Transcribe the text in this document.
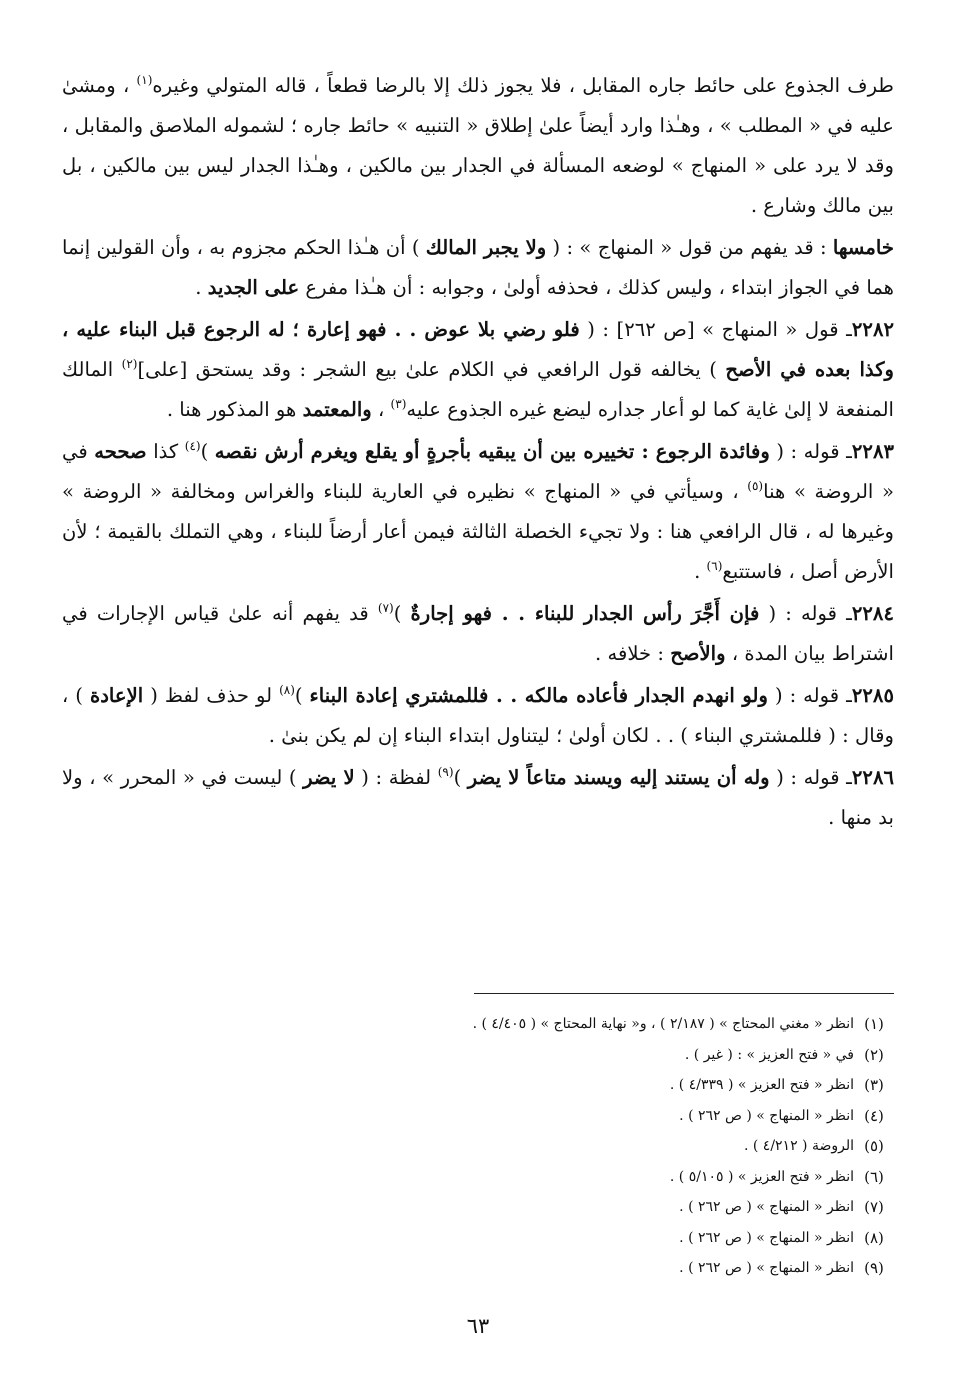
طرف الجذوع على حائط جاره المقابل ، فلا يجوز ذلك إلا بالرضا قطعاً ، قاله المتولي وغيره$^{(١)}$ ، ومشىٰ عليه في « المطلب » ، وهـٰذا وارد أيضاً علىٰ إطلاق « التنبيه » حائط جاره ؛ لشموله الملاصق والمقابل ، وقد لا يرد على « المنهاج » لوضعه المسألة في الجدار بين مالكين ، وهـٰذا الجدار ليس بين مالكين ، بل بين مالك وشارع .

خامسها : قد يفهم من قول « المنهاج » : ( ولا يجبر المالك ) أن هـٰذا الحكم مجزوم به ، وأن القولين إنما هما في الجواز ابتداء ، وليس كذلك ، فحذفه أولىٰ ، وجوابه : أن هـٰذا مفرع على الجديد .

٢٢٨٢ـ قول « المنهاج » [ص ٢٦٢] : ( فلو رضي بلا عوض . . فهو إعارة ؛ له الرجوع قبل البناء عليه ، وكذا بعده في الأصح ) يخالفه قول الرافعي في الكلام علىٰ بيع الشجر : وقد يستحق [على]$^{(٢)}$ المالك المنفعة لا إلىٰ غاية كما لو أعار جداره ليضع غيره الجذوع عليه$^{(٣)}$ ، والمعتمد هو المذكور هنا .

٢٢٨٣ـ قوله : ( وفائدة الرجوع : تخييره بين أن يبقيه بأجرةٍ أو يقلع ويغرم أرش نقصه )$^{(٤)}$ كذا صححه في « الروضة » هنا$^{(٥)}$ ، وسيأتي في « المنهاج » نظيره في العارية للبناء والغراس ومخالفة « الروضة » وغيرها له ، قال الرافعي هنا : ولا تجيء الخصلة الثالثة فيمن أعار أرضاً للبناء ، وهي التملك بالقيمة ؛ لأن الأرض أصل ، فاستتبع$^{(٦)}$ .

٢٢٨٤ـ قوله : ( فإن أَجَّرَ رأس الجدار للبناء . . فهو إجارةٌ )$^{(٧)}$ قد يفهم أنه علىٰ قياس الإجارات في اشتراط بيان المدة ، والأصح : خلافه .

٢٢٨٥ـ قوله : ( ولو انهدم الجدار فأعاده مالكه . . فللمشتري إعادة البناء )$^{(٨)}$ لو حذف لفظ ( الإعادة ) ، وقال : ( فللمشتري البناء ) . . لكان أولىٰ ؛ ليتناول ابتداء البناء إن لم يكن بنىٰ .

٢٢٨٦ـ قوله : ( وله أن يستند إليه ويسند متاعاً لا يضر )$^{(٩)}$ لفظة : ( لا يضر ) ليست في « المحرر » ، ولا بد منها .

(١)
انظر « مغني المحتاج » ( ٢/١٨٧ ) ، و« نهاية المحتاج » ( ٤/٤٠٥ ) .
(٢)
في « فتح العزيز » : ( غير ) .
(٣)
انظر « فتح العزيز » ( ٤/٣٣٩ ) .
(٤)
انظر « المنهاج » ( ص ٢٦٢ ) .
(٥)
الروضة ( ٤/٢١٢ ) .
(٦)
انظر « فتح العزيز » ( ٥/١٠٥ ) .
(٧)
انظر « المنهاج » ( ص ٢٦٢ ) .
(٨)
انظر « المنهاج » ( ص ٢٦٢ ) .
(٩)
انظر « المنهاج » ( ص ٢٦٢ ) .
٦٣
